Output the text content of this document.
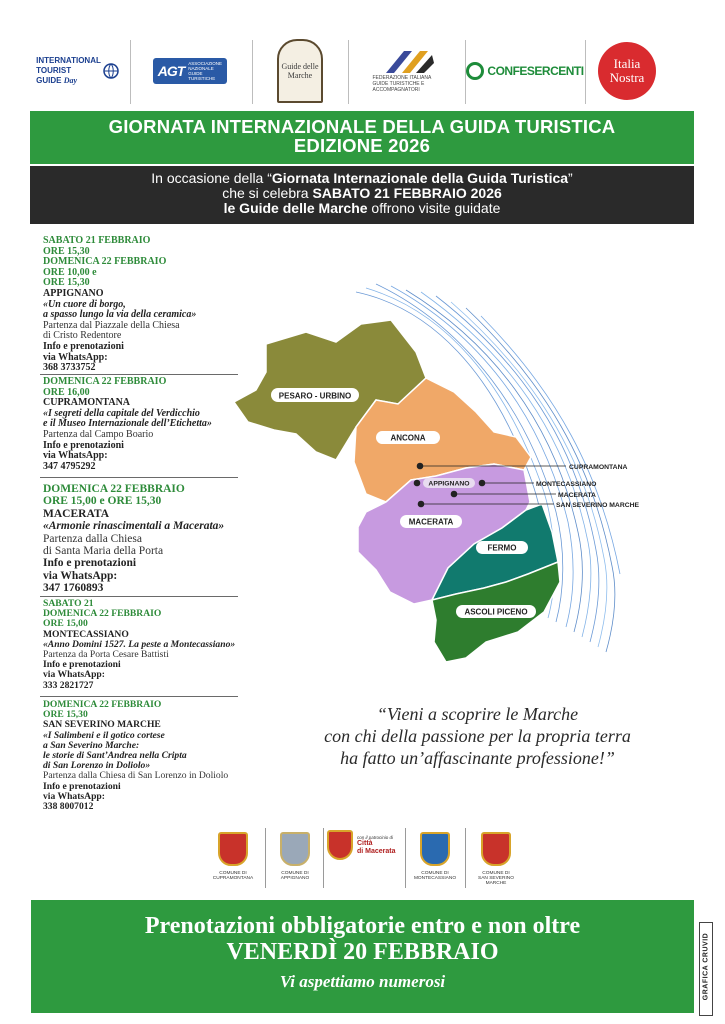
INTERNATIONAL
TOURIST
GUIDE Day
AGT ASSOCIAZIONE NAZIONALE GUIDE TURISTICHE
Guide delle Marche	FEDERAZIONE ITALIANA GUIDE TURISTICHE E ACCOMPAGNATORI
CONFESERCENTI	Italia
Nostra
GIORNATA INTERNAZIONALE DELLA GUIDA TURISTICA
EDIZIONE 2026
In occasione della “Giornata Internazionale della Guida Turistica”
che si celebra SABATO 21 FEBBRAIO 2026
le Guide delle Marche offrono visite guidate
SABATO 21 FEBBRAIO
ORE 15,30
DOMENICA 22 FEBBRAIO
ORE 10,00 e
ORE 15,30
APPIGNANO
«Un cuore di borgo,
a spasso lungo la via della ceramica»
Partenza dal Piazzale della Chiesa
di Cristo Redentore
Info e prenotazioni
via WhatsApp:
368 3733752
DOMENICA 22 FEBBRAIO
ORE 16,00
CUPRAMONTANA
«I segreti della capitale del Verdicchio
e il Museo Internazionale dell’Etichetta»
Partenza dal Campo Boario
Info e prenotazioni
via WhatsApp:
347 4795292
DOMENICA 22 FEBBRAIO
ORE 15,00 e ORE 15,30
MACERATA
«Armonie rinascimentali a Macerata»
Partenza dalla Chiesa
di Santa Maria della Porta
Info e prenotazioni
via WhatsApp:
347 1760893
SABATO 21
DOMENICA 22 FEBBRAIO
ORE 15,00
MONTECASSIANO
«Anno Domini 1527. La peste a Montecassiano»
Partenza da Porta Cesare Battisti
Info e prenotazioni
via WhatsApp:
333 2821727
DOMENICA 22 FEBBRAIO
ORE 15,30
SAN SEVERINO MARCHE
«I Salimbeni e il gotico cortese
a San Severino Marche:
le storie di Sant’Andrea nella Cripta
di San Lorenzo in Doliolo»
Partenza dalla Chiesa di San Lorenzo in Doliolo
Info e prenotazioni
via WhatsApp:
338 8007012
PESARO - URBINO
ANCONA
MACERATA
FERMO
ASCOLI PICENO
CUPRAMONTANA
MONTECASSIANO
APPIGNANO
MACERATA
SAN SEVERINO MARCHE
“Vieni a scoprire le Marche
con chi della passione per la propria terra
ha fatto un’affascinante professione!”
COMUNE DI
CUPRAMONTANA
COMUNE DI
APPIGNANO
con il patrocinio di
Città
di Macerata
COMUNE DI
MONTECASSIANO
COMUNE DI
SAN SEVERINO MARCHE
Prenotazioni obbligatorie entro e non oltre
VENERDÌ 20 FEBBRAIO
Vi aspettiamo numerosi	GRAFICA CRUVID
